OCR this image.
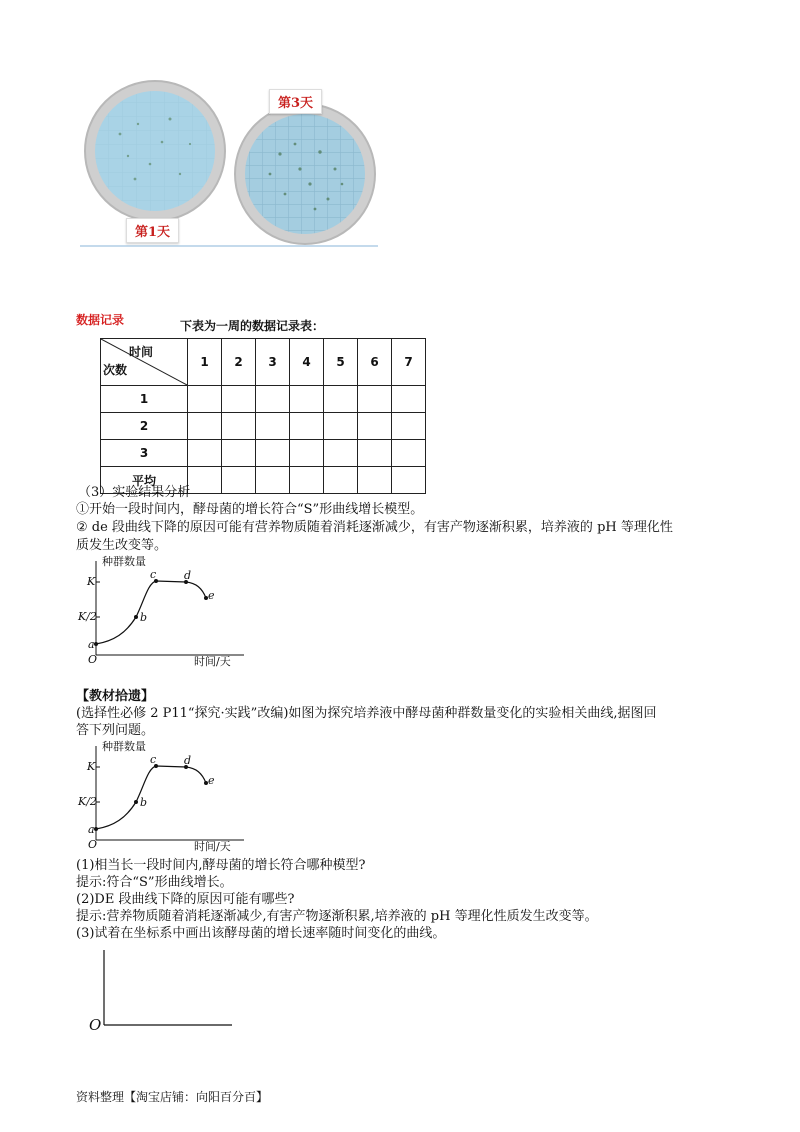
第3天
第1天
数据记录	下表为一周的数据记录表：
时间
次数	1	2	3	4	5	6	7
1							
2							
3							
平均							
（3）实验结果分析
①开始一段时间内，酵母菌的增长符合“S”形曲线增长模型。
② de 段曲线下降的原因可能有营养物质随着消耗逐渐减少，有害产物逐渐积累，培养液的 pH 等理化性
质发生改变等。
种群数量
K
K/2
O	时间/天
a
b
c	d
e
【教材拾遗】
(选择性必修 2 P11“探究·实践”改编)如图为探究培养液中酵母菌种群数量变化的实验相关曲线,据图回
答下列问题。
种群数量
K
K/2
O	时间/天
a
b
c	d
e
(1)相当长一段时间内,酵母菌的增长符合哪种模型?
提示:符合“S”形曲线增长。
(2)DE 段曲线下降的原因可能有哪些?
提示:营养物质随着消耗逐渐减少,有害产物逐渐积累,培养液的 pH 等理化性质发生改变等。
(3)试着在坐标系中画出该酵母菌的增长速率随时间变化的曲线。
O
资料整理【淘宝店铺：向阳百分百】
